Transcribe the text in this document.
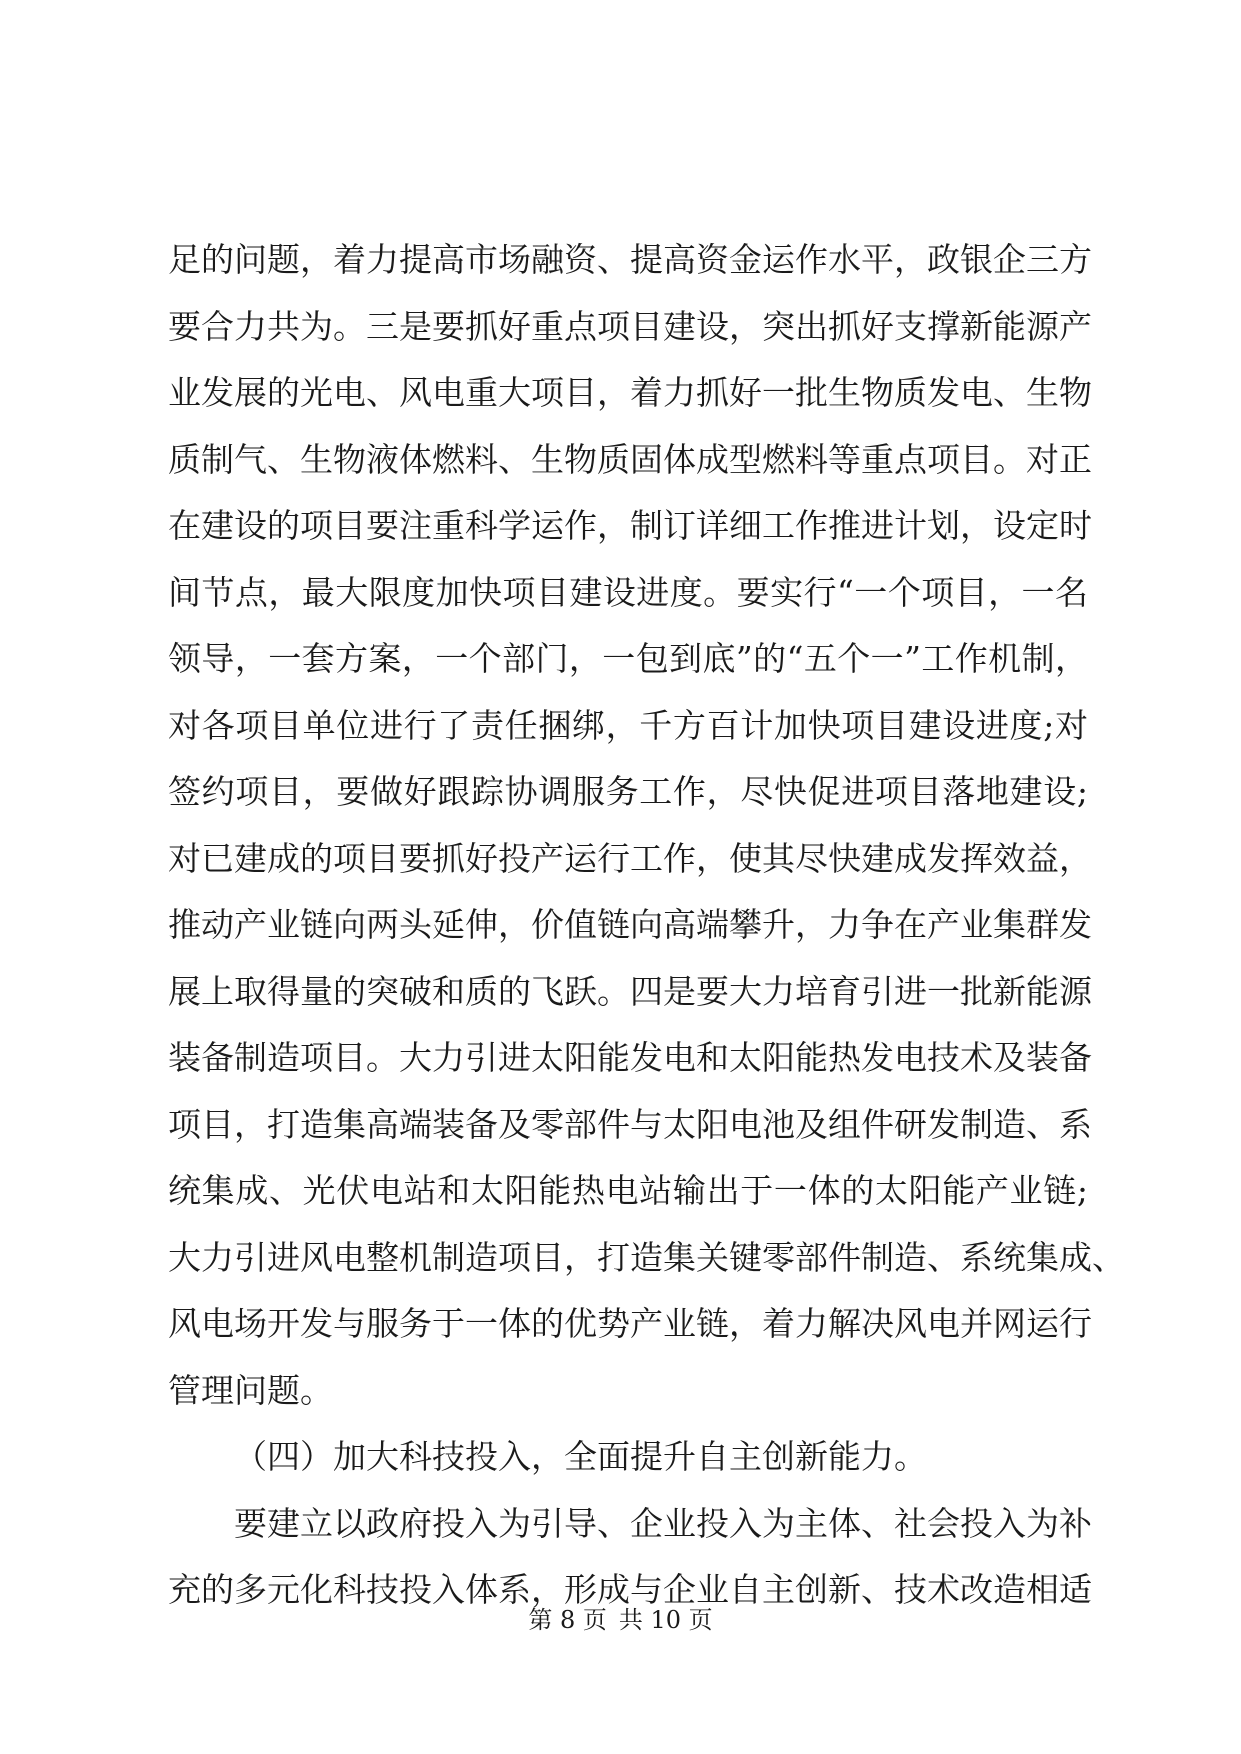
足的问题，着力提高市场融资、提高资金运作水平，政银企三方
要合力共为。三是要抓好重点项目建设，突出抓好支撑新能源产
业发展的光电、风电重大项目，着力抓好一批生物质发电、生物
质制气、生物液体燃料、生物质固体成型燃料等重点项目。对正
在建设的项目要注重科学运作，制订详细工作推进计划，设定时
间节点，最大限度加快项目建设进度。要实行“一个项目，一名
领导，一套方案，一个部门，一包到底”的“五个一”工作机制，
对各项目单位进行了责任捆绑，千方百计加快项目建设进度;对
签约项目，要做好跟踪协调服务工作，尽快促进项目落地建设;
对已建成的项目要抓好投产运行工作，使其尽快建成发挥效益，
推动产业链向两头延伸，价值链向高端攀升，力争在产业集群发
展上取得量的突破和质的飞跃。四是要大力培育引进一批新能源
装备制造项目。大力引进太阳能发电和太阳能热发电技术及装备
项目，打造集高端装备及零部件与太阳电池及组件研发制造、系
统集成、光伏电站和太阳能热电站输出于一体的太阳能产业链;
大力引进风电整机制造项目，打造集关键零部件制造、系统集成、
风电场开发与服务于一体的优势产业链，着力解决风电并网运行
管理问题。
（四）加大科技投入，全面提升自主创新能力。
要建立以政府投入为引导、企业投入为主体、社会投入为补
充的多元化科技投入体系，形成与企业自主创新、技术改造相适
第 8 页 共 10 页
